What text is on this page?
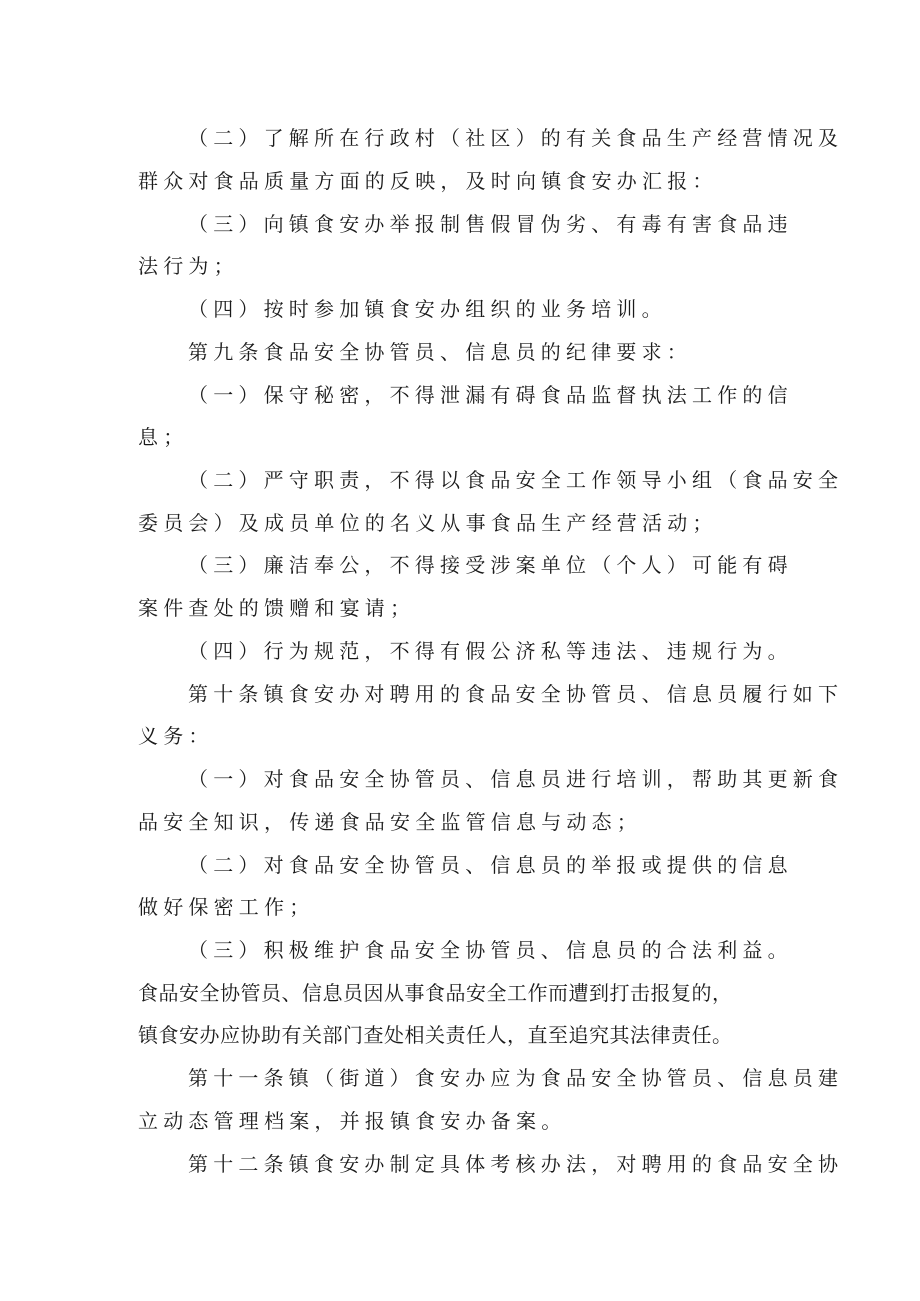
（二）了解所在行政村（社区）的有关食品生产经营情况及
群众对食品质量方面的反映，及时向镇食安办汇报：
（三）向镇食安办举报制售假冒伪劣、有毒有害食品违
法行为；
（四）按时参加镇食安办组织的业务培训。
第九条食品安全协管员、信息员的纪律要求：
（一）保守秘密，不得泄漏有碍食品监督执法工作的信
息；
（二）严守职责，不得以食品安全工作领导小组（食品安全
委员会）及成员单位的名义从事食品生产经营活动；
（三）廉洁奉公，不得接受涉案单位（个人）可能有碍
案件查处的馈赠和宴请；
（四）行为规范，不得有假公济私等违法、违规行为。
第十条镇食安办对聘用的食品安全协管员、信息员履行如下
义务：
（一）对食品安全协管员、信息员进行培训，帮助其更新食
品安全知识，传递食品安全监管信息与动态；
（二）对食品安全协管员、信息员的举报或提供的信息
做好保密工作；
（三）积极维护食品安全协管员、信息员的合法利益。
食品安全协管员、信息员因从事食品安全工作而遭到打击报复的，
镇食安办应协助有关部门查处相关责任人，直至追究其法律责任。
第十一条镇（街道）食安办应为食品安全协管员、信息员建
立动态管理档案，并报镇食安办备案。
第十二条镇食安办制定具体考核办法，对聘用的食品安全协
